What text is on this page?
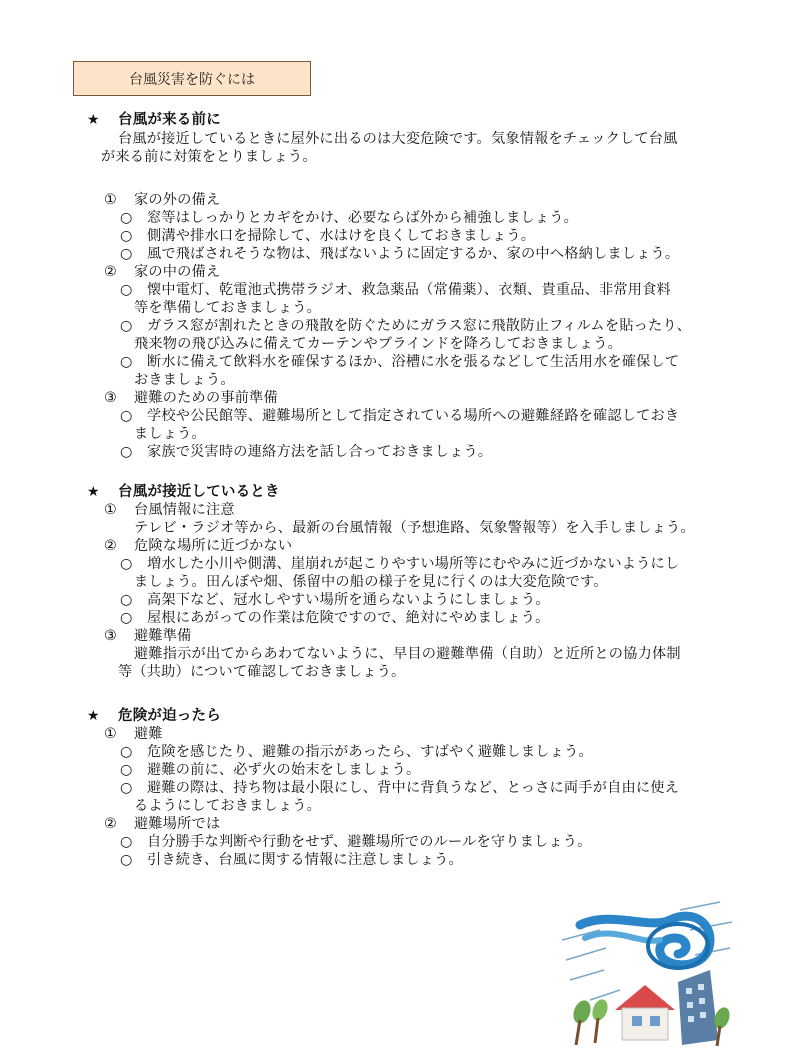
台風災害を防ぐには
★ 台風が来る前に
台風が接近しているときに屋外に出るのは大変危険です。気象情報をチェックして台風
が来る前に対策をとりましょう。
① 家の外の備え
○　窓等はしっかりとカギをかけ、必要ならば外から補強しましょう。
○　側溝や排水口を掃除して、水はけを良くしておきましょう。
○　風で飛ばされそうな物は、飛ばないように固定するか、家の中へ格納しましょう。
② 家の中の備え
○　懐中電灯、乾電池式携帯ラジオ、救急薬品（常備薬）、衣類、貴重品、非常用食料
等を準備しておきましょう。
○　ガラス窓が割れたときの飛散を防ぐためにガラス窓に飛散防止フィルムを貼ったり、
飛来物の飛び込みに備えてカーテンやブラインドを降ろしておきましょう。
○　断水に備えて飲料水を確保するほか、浴槽に水を張るなどして生活用水を確保して
おきましょう。
③ 避難のための事前準備
○　学校や公民館等、避難場所として指定されている場所への避難経路を確認しておき
ましょう。
○　家族で災害時の連絡方法を話し合っておきましょう。
★ 台風が接近しているとき
① 台風情報に注意
テレビ・ラジオ等から、最新の台風情報（予想進路、気象警報等）を入手しましょう。
② 危険な場所に近づかない
○　増水した小川や側溝、崖崩れが起こりやすい場所等にむやみに近づかないようにし
ましょう。田んぼや畑、係留中の船の様子を見に行くのは大変危険です。
○　高架下など、冠水しやすい場所を通らないようにしましょう。
○　屋根にあがっての作業は危険ですので、絶対にやめましょう。
③ 避難準備
避難指示が出てからあわてないように、早目の避難準備（自助）と近所との協力体制
等（共助）について確認しておきましょう。
★ 危険が迫ったら
① 避難
○　危険を感じたり、避難の指示があったら、すばやく避難しましょう。
○　避難の前に、必ず火の始末をしましょう。
○　避難の際は、持ち物は最小限にし、背中に背負うなど、とっさに両手が自由に使え
るようにしておきましょう。
② 避難場所では
○　自分勝手な判断や行動をせず、避難場所でのルールを守りましょう。
○　引き続き、台風に関する情報に注意しましょう。
